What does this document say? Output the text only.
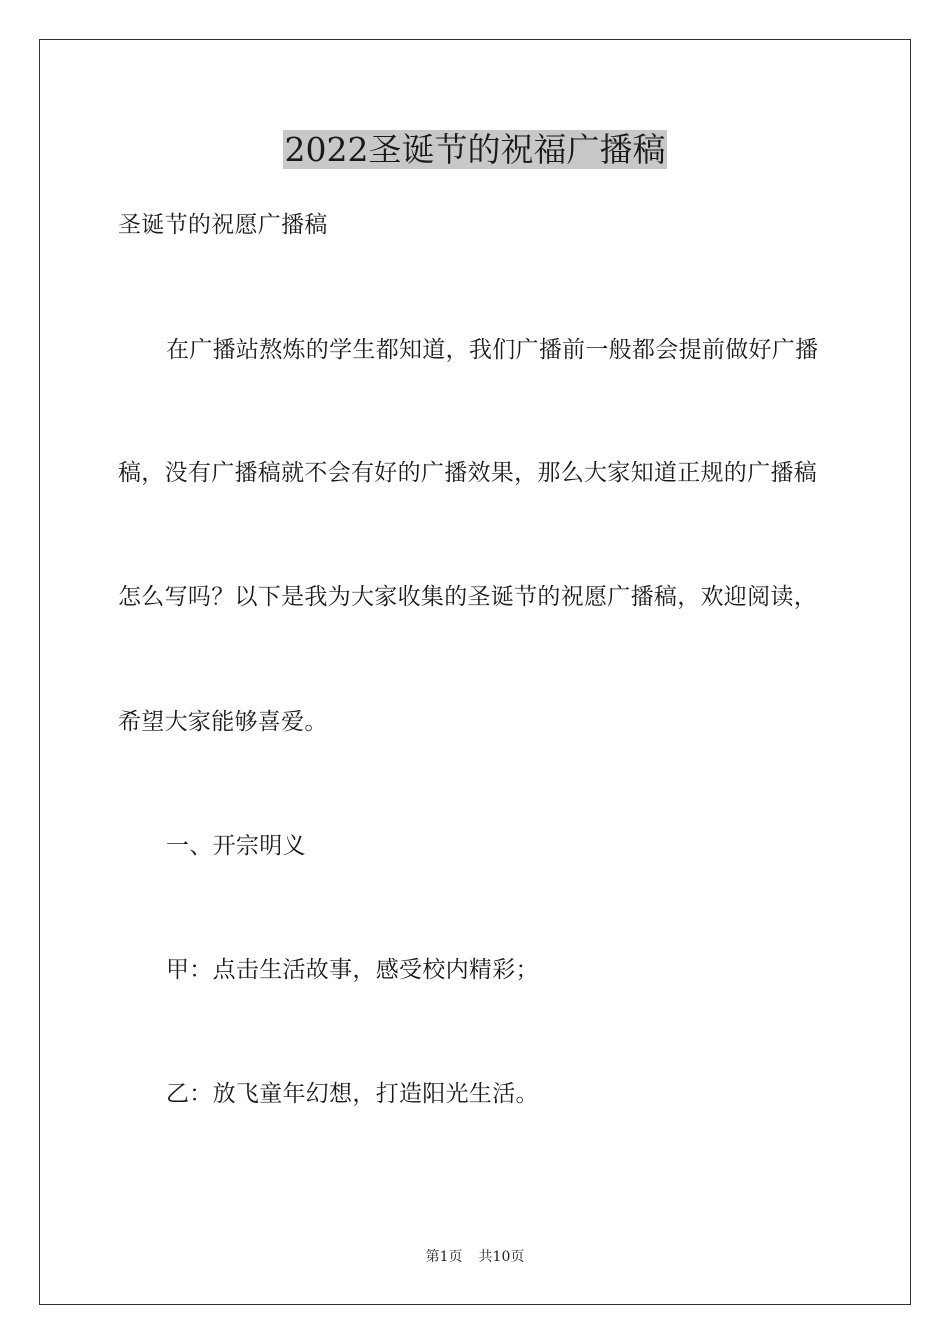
2022圣诞节的祝福广播稿
圣诞节的祝愿广播稿
在广播站熬炼的学生都知道，我们广播前一般都会提前做好广播
稿，没有广播稿就不会有好的广播效果，那么大家知道正规的广播稿
怎么写吗？以下是我为大家收集的圣诞节的祝愿广播稿，欢迎阅读，
希望大家能够喜爱。
一、开宗明义
甲：点击生活故事，感受校内精彩；
乙：放飞童年幻想，打造阳光生活。
第1页 共10页
